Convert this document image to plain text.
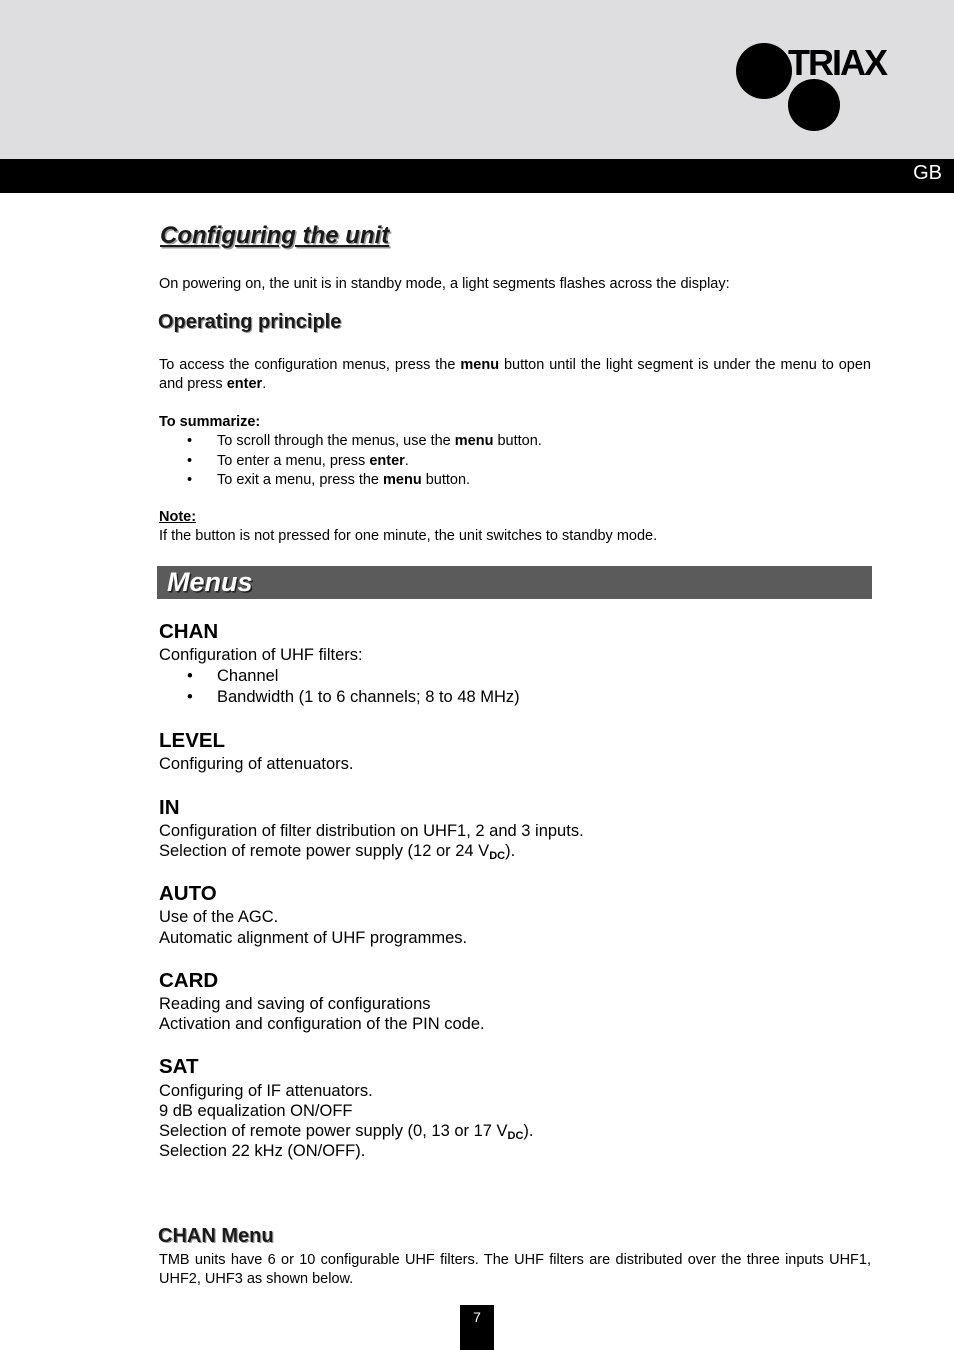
TRIAX
GB
Configuring the unit

On powering on, the unit is in standby mode, a light segments flashes across the display:

Operating principle

To access the configuration menus, press the menu button until the light segment is under the menu to open and press enter.

To summarize:

• To scroll through the menus, use the menu button.
• To enter a menu, press enter.
• To exit a menu, press the menu button.

Note:

If the button is not pressed for one minute, the unit switches to standby mode.

Menus
CHAN
Configuration of UHF filters:
• Channel
• Bandwidth (1 to 6 channels; 8 to 48 MHz)
LEVEL
Configuring of attenuators.
IN
Configuration of filter distribution on UHF1, 2 and 3 inputs.
Selection of remote power supply (12 or 24 $V_{DC}$).
AUTO
Use of the AGC.
Automatic alignment of UHF programmes.
CARD
Reading and saving of configurations
Activation and configuration of the PIN code.
SAT
Configuring of IF attenuators.
9 dB equalization ON/OFF
Selection of remote power supply (0, 13 or 17 $V_{DC}$).
Selection 22 kHz (ON/OFF).
CHAN Menu

TMB units have 6 or 10 configurable UHF filters. The UHF filters are distributed over the three inputs UHF1, UHF2, UHF3 as shown below.

7
